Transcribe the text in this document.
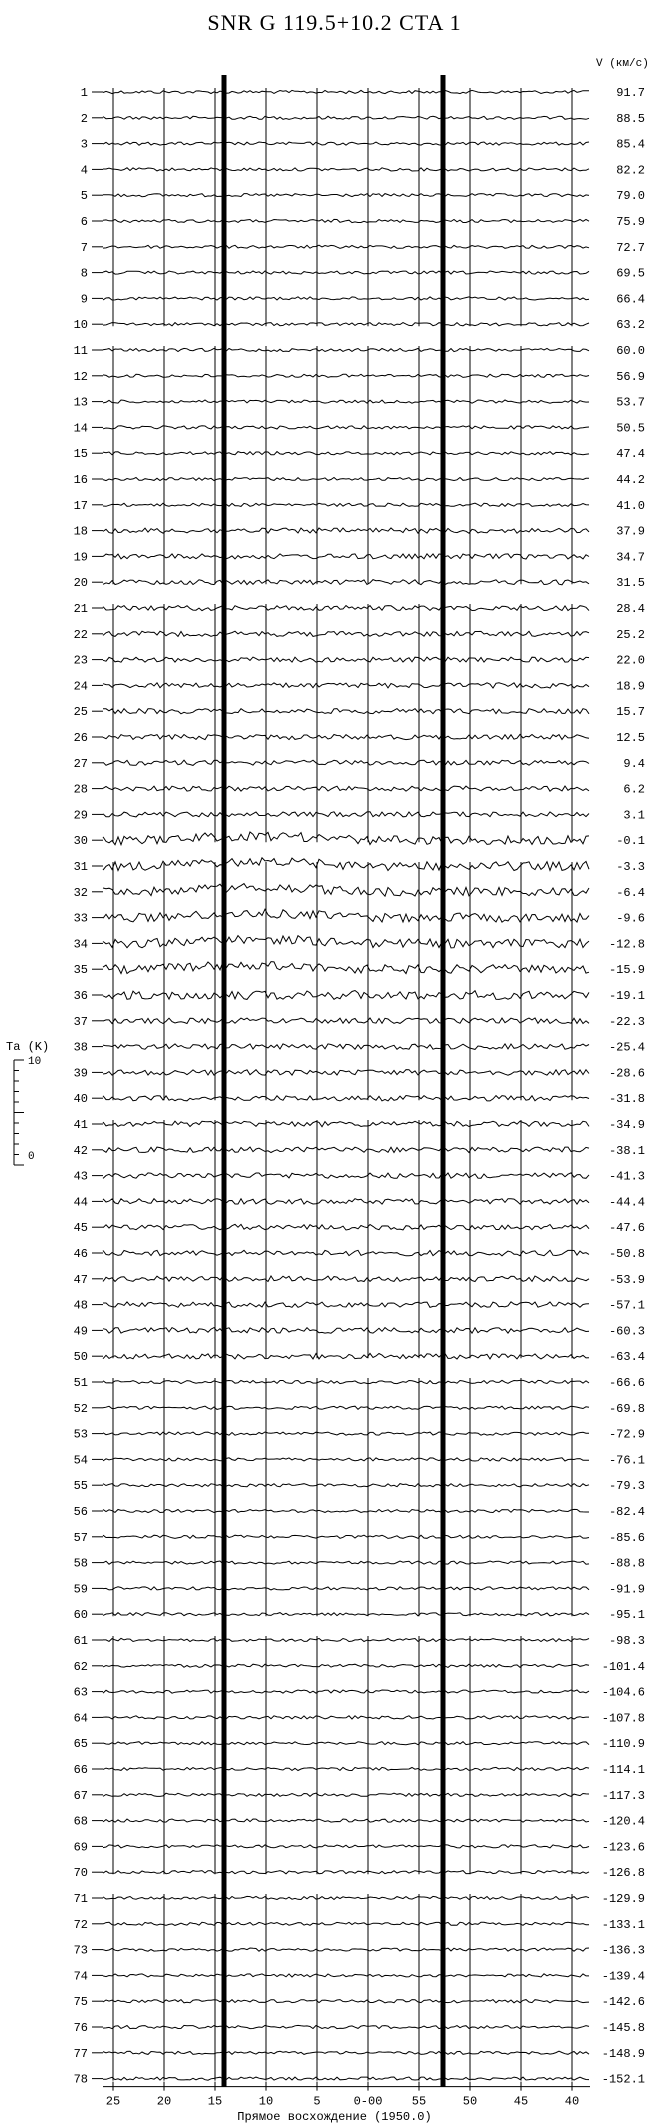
SNR G 119.5+10.2 CTA 1
V (км/с)
1	91.7
2	88.5
3	85.4
4	82.2
5	79.0
6	75.9
7	72.7
8	69.5
9	66.4
10	63.2
11	60.0
12	56.9
13	53.7
14	50.5
15	47.4
16	44.2
17	41.0
18	37.9
19	34.7
20	31.5
21	28.4
22	25.2
23	22.0
24	18.9
25	15.7
26	12.5
27	9.4
28	6.2
29	3.1
30	-0.1
31	-3.3
32	-6.4
33	-9.6
34	-12.8
35	-15.9
36	-19.1
37	-22.3
38	-25.4
39	-28.6
40	-31.8
41	-34.9
42	-38.1
43	-41.3
44	-44.4
45	-47.6
46	-50.8
47	-53.9
48	-57.1
49	-60.3
50	-63.4
51	-66.6
52	-69.8
53	-72.9
54	-76.1
55	-79.3
56	-82.4
57	-85.6
58	-88.8
59	-91.9
60	-95.1
61	-98.3
62	-101.4
63	-104.6
64	-107.8
65	-110.9
66	-114.1
67	-117.3
68	-120.4
69	-123.6
70	-126.8
71	-129.9
72	-133.1
73	-136.3
74	-139.4
75	-142.6
76	-145.8
77	-148.9
78	-152.1
25	20	15	10	5	0-00 55	50	45	40
Ta (K)
10
0
Прямое восхождение (1950.0)
